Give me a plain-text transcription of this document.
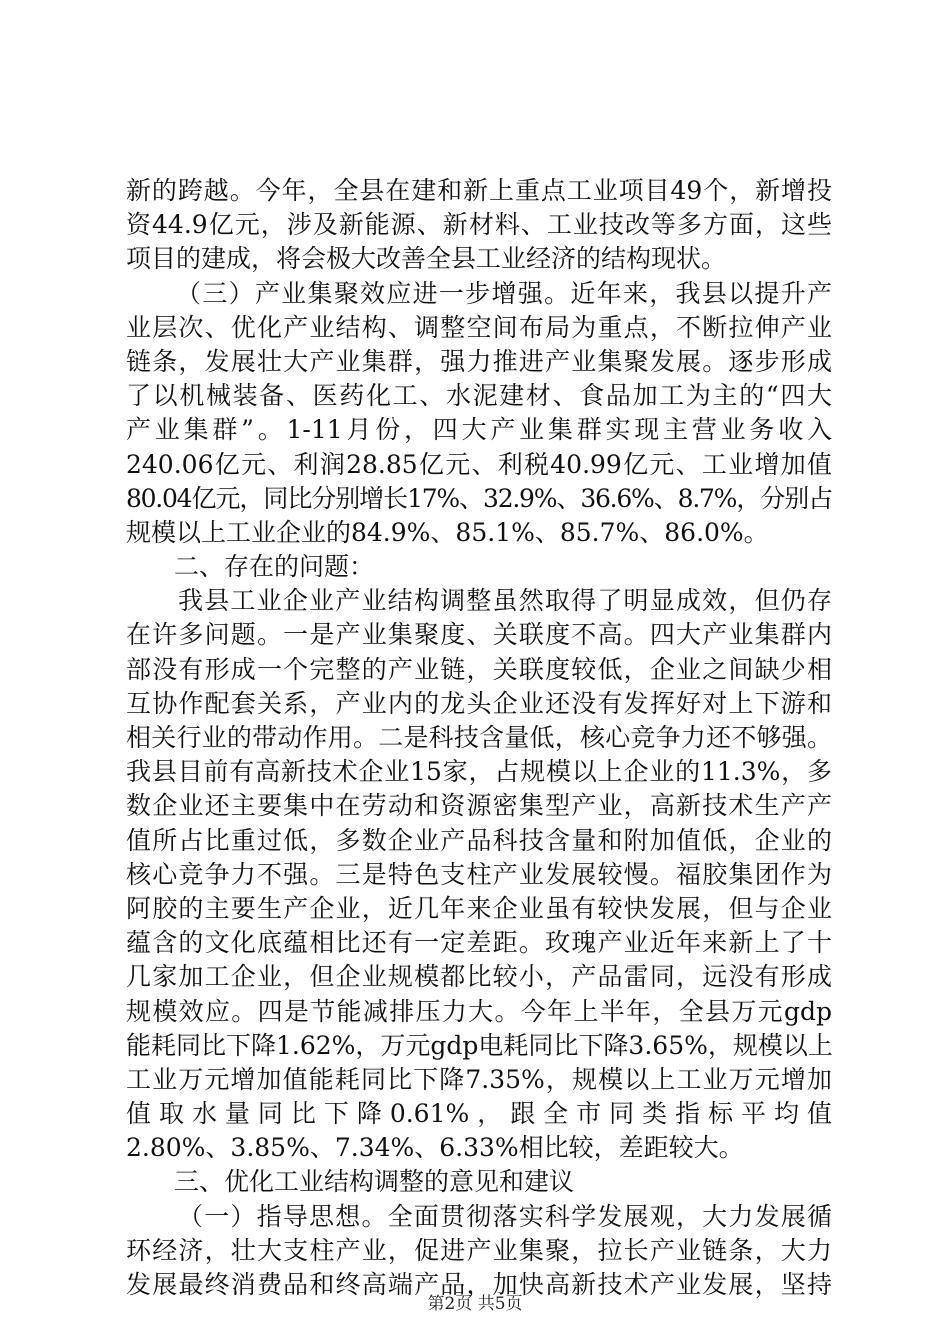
新的跨越。今年，全县在建和新上重点工业项目49个，新增投
资44.9亿元，涉及新能源、新材料、工业技改等多方面，这些
项目的建成，将会极大改善全县工业经济的结构现状。
（三）产业集聚效应进一步增强。近年来，我县以提升产
业层次、优化产业结构、调整空间布局为重点，不断拉伸产业
链条，发展壮大产业集群，强力推进产业集聚发展。逐步形成
了以机械装备、医药化工、水泥建材、食品加工为主的“四大
产业集群”。1-11月份，四大产业集群实现主营业务收入
240.06亿元、利润28.85亿元、利税40.99亿元、工业增加值
80.04亿元，同比分别增长17%、32.9%、36.6%、8.7%，分别占
规模以上工业企业的84.9%、85.1%、85.7%、86.0%。
二、存在的问题：
我县工业企业产业结构调整虽然取得了明显成效，但仍存
在许多问题。一是产业集聚度、关联度不高。四大产业集群内
部没有形成一个完整的产业链，关联度较低，企业之间缺少相
互协作配套关系，产业内的龙头企业还没有发挥好对上下游和
相关行业的带动作用。二是科技含量低，核心竞争力还不够强。
我县目前有高新技术企业15家，占规模以上企业的11.3%，多
数企业还主要集中在劳动和资源密集型产业，高新技术生产产
值所占比重过低，多数企业产品科技含量和附加值低，企业的
核心竞争力不强。三是特色支柱产业发展较慢。福胶集团作为
阿胶的主要生产企业，近几年来企业虽有较快发展，但与企业
蕴含的文化底蕴相比还有一定差距。玫瑰产业近年来新上了十
几家加工企业，但企业规模都比较小，产品雷同，远没有形成
规模效应。四是节能减排压力大。今年上半年，全县万元gdp
能耗同比下降1.62%，万元gdp电耗同比下降3.65%，规模以上
工业万元增加值能耗同比下降7.35%，规模以上工业万元增加
值取水量同比下降0.61%，跟全市同类指标平均值
2.80%、3.85%、7.34%、6.33%相比较，差距较大。
三、优化工业结构调整的意见和建议
（一）指导思想。全面贯彻落实科学发展观，大力发展循
环经济，壮大支柱产业，促进产业集聚，拉长产业链条，大力
发展最终消费品和终高端产品，加快高新技术产业发展，坚持
第2页 共5页
